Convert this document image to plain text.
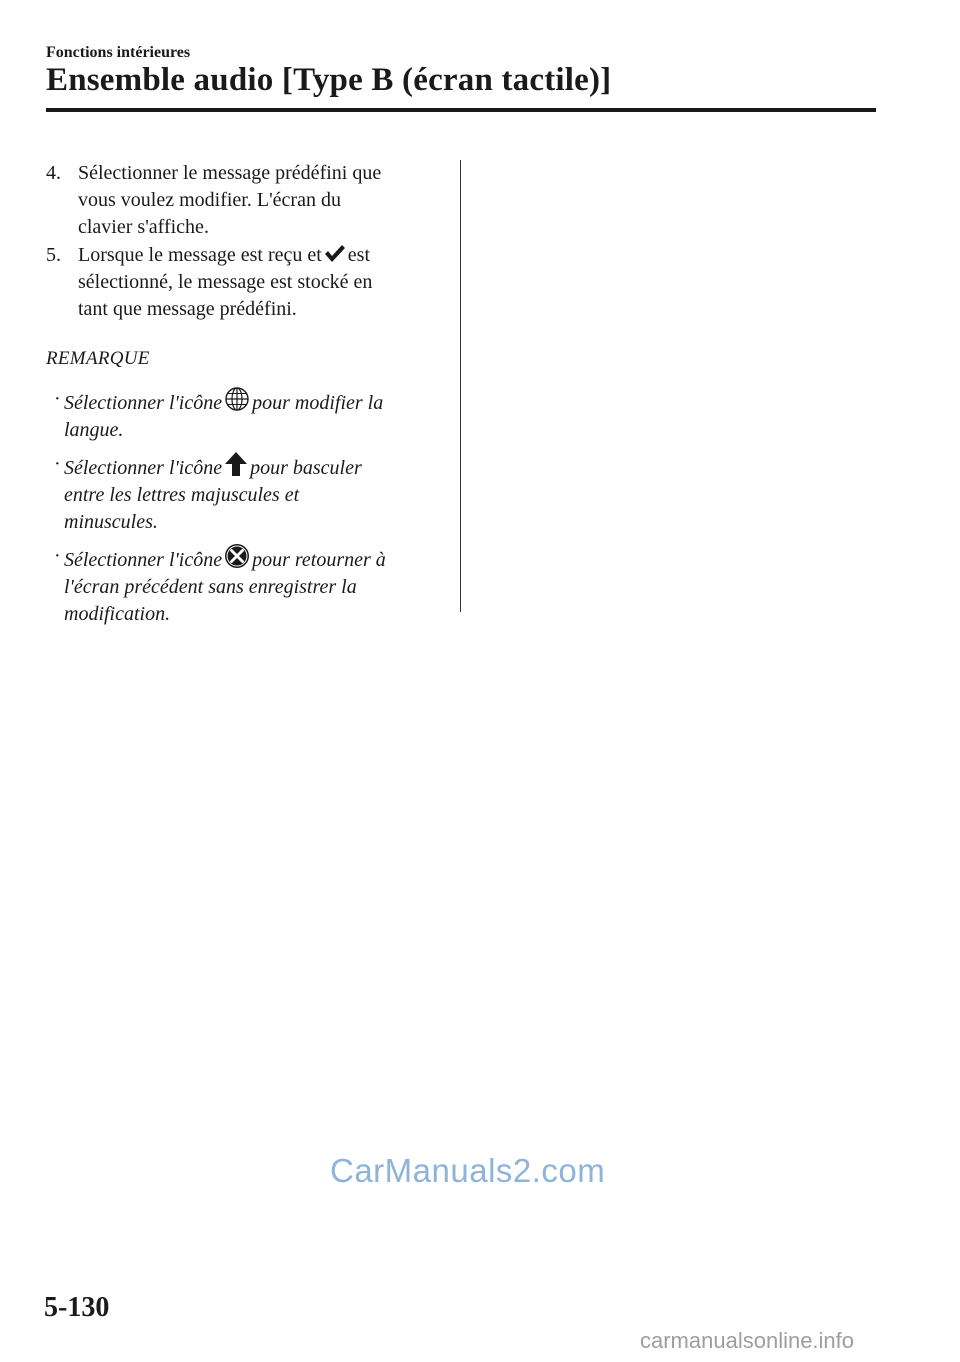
Fonctions intérieures
Ensemble audio [Type B (écran tactile)]
4. Sélectionner le message prédéfini que

vous voulez modifier. L'écran du

clavier s'affiche.

5. Lorsque le message est reçu et est

sélectionné, le message est stocké en

tant que message prédéfini.

REMARQUE
· Sélectionner l'icône pour modifier la
langue.
· Sélectionner l'icône pour basculer
entre les lettres majuscules et
minuscules.
· Sélectionner l'icône pour retourner à
l'écran précédent sans enregistrer la
modification.
CarManuals2.com
5-130
carmanualsonline.info
